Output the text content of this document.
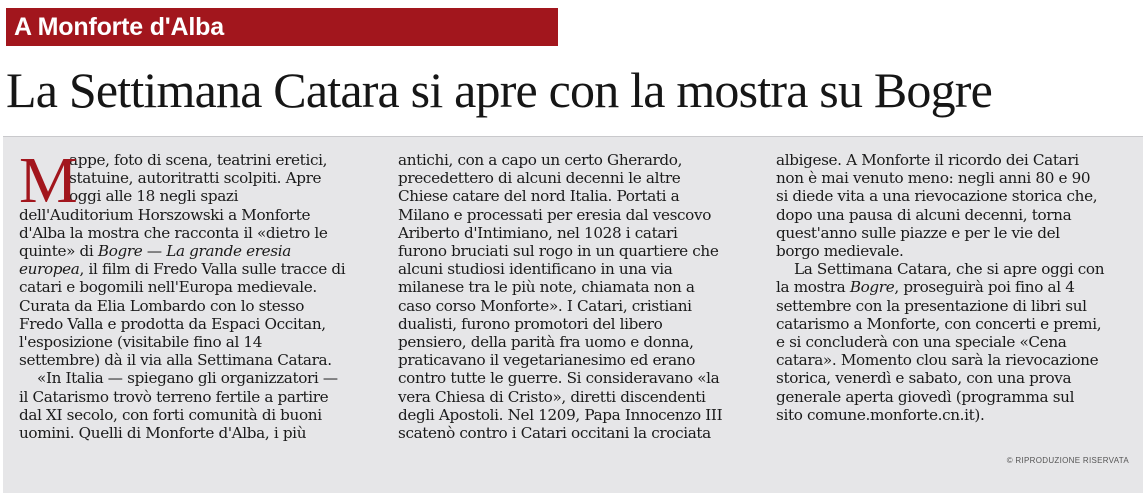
A Monforte d'Alba
La Settimana Catara si apre con la mostra su Bogre
M
appe, foto di scena, teatrini eretici,
statuine, autoritratti scolpiti. Apre
oggi alle 18 negli spazi
dell'Auditorium Horszowski a Monforte
d'Alba la mostra che racconta il «dietro le
quinte» di Bogre — La grande eresia
europea, il film di Fredo Valla sulle tracce di
catari e bogomili nell'Europa medievale.
Curata da Elia Lombardo con lo stesso
Fredo Valla e prodotta da Espaci Occitan,
l'esposizione (visitabile fino al 14
settembre) dà il via alla Settimana Catara.
«In Italia — spiegano gli organizzatori —
il Catarismo trovò terreno fertile a partire
dal XI secolo, con forti comunità di buoni
uomini. Quelli di Monforte d'Alba, i più
antichi, con a capo un certo Gherardo,
precedettero di alcuni decenni le altre
Chiese catare del nord Italia. Portati a
Milano e processati per eresia dal vescovo
Ariberto d'Intimiano, nel 1028 i catari
furono bruciati sul rogo in un quartiere che
alcuni studiosi identificano in una via
milanese tra le più note, chiamata non a
caso corso Monforte». I Catari, cristiani
dualisti, furono promotori del libero
pensiero, della parità fra uomo e donna,
praticavano il vegetarianesimo ed erano
contro tutte le guerre. Si consideravano «la
vera Chiesa di Cristo», diretti discendenti
degli Apostoli. Nel 1209, Papa Innocenzo III
scatenò contro i Catari occitani la crociata
albigese. A Monforte il ricordo dei Catari
non è mai venuto meno: negli anni 80 e 90
si diede vita a una rievocazione storica che,
dopo una pausa di alcuni decenni, torna
quest'anno sulle piazze e per le vie del
borgo medievale.
La Settimana Catara, che si apre oggi con
la mostra Bogre, proseguirà poi fino al 4
settembre con la presentazione di libri sul
catarismo a Monforte, con concerti e premi,
e si concluderà con una speciale «Cena
catara». Momento clou sarà la rievocazione
storica, venerdì e sabato, con una prova
generale aperta giovedì (programma sul
sito comune.monforte.cn.it).
© RIPRODUZIONE RISERVATA
